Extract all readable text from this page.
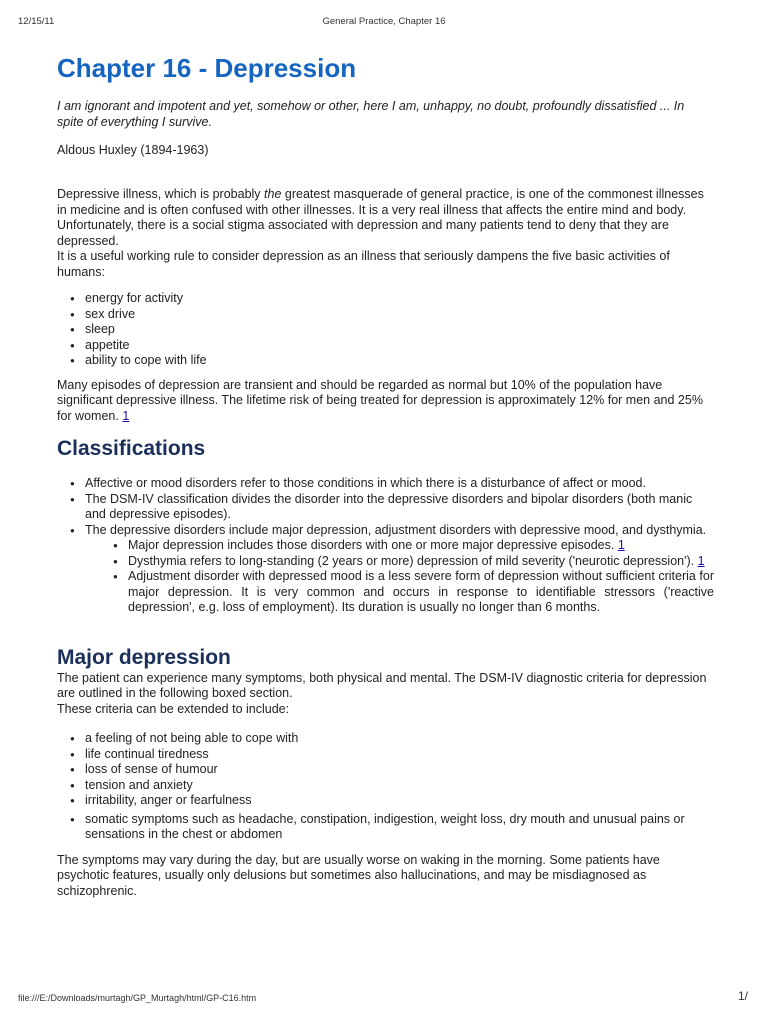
12/15/11	General Practice, Chapter 16
Chapter 16 - Depression
I am ignorant and impotent and yet, somehow or other, here I am, unhappy, no doubt, profoundly dissatisfied ... In spite of everything I survive.
Aldous Huxley (1894-1963)

Depressive illness, which is probably the greatest masquerade of general practice, is one of the commonest illnesses in medicine and is often confused with other illnesses. It is a very real illness that affects the entire mind and body. Unfortunately, there is a social stigma associated with depression and many patients tend to deny that they are depressed.
It is a useful working rule to consider depression as an illness that seriously dampens the five basic activities of humans:

● energy for activity
● sex drive
● sleep
● appetite
● ability to cope with life

Many episodes of depression are transient and should be regarded as normal but 10% of the population have significant depressive illness. The lifetime risk of being treated for depression is approximately 12% for men and 25% for women. 1

Classifications
● Affective or mood disorders refer to those conditions in which there is a disturbance of affect or mood.
● The DSM-IV classification divides the disorder into the depressive disorders and bipolar disorders (both manic and depressive episodes).
● The depressive disorders include major depression, adjustment disorders with depressive mood, and dysthymia.
● Major depression includes those disorders with one or more major depressive episodes. 1
● Dysthymia refers to long-standing (2 years or more) depression of mild severity ('neurotic depression'). 1
● Adjustment disorder with depressed mood is a less severe form of depression without sufficient criteria for major depression. It is very common and occurs in response to identifiable stressors ('reactive depression', e.g. loss of employment). Its duration is usually no longer than 6 months.
Major depression

The patient can experience many symptoms, both physical and mental. The DSM-IV diagnostic criteria for depression are outlined in the following boxed section.
These criteria can be extended to include:

● a feeling of not being able to cope with
● life continual tiredness
● loss of sense of humour
● tension and anxiety
● irritability, anger or fearfulness
● somatic symptoms such as headache, constipation, indigestion, weight loss, dry mouth and unusual pains or sensations in the chest or abdomen

The symptoms may vary during the day, but are usually worse on waking in the morning. Some patients have psychotic features, usually only delusions but sometimes also hallucinations, and may be misdiagnosed as schizophrenic.

file:///E:/Downloads/murtagh/GP_Murtagh/html/GP-C16.htm	1/
